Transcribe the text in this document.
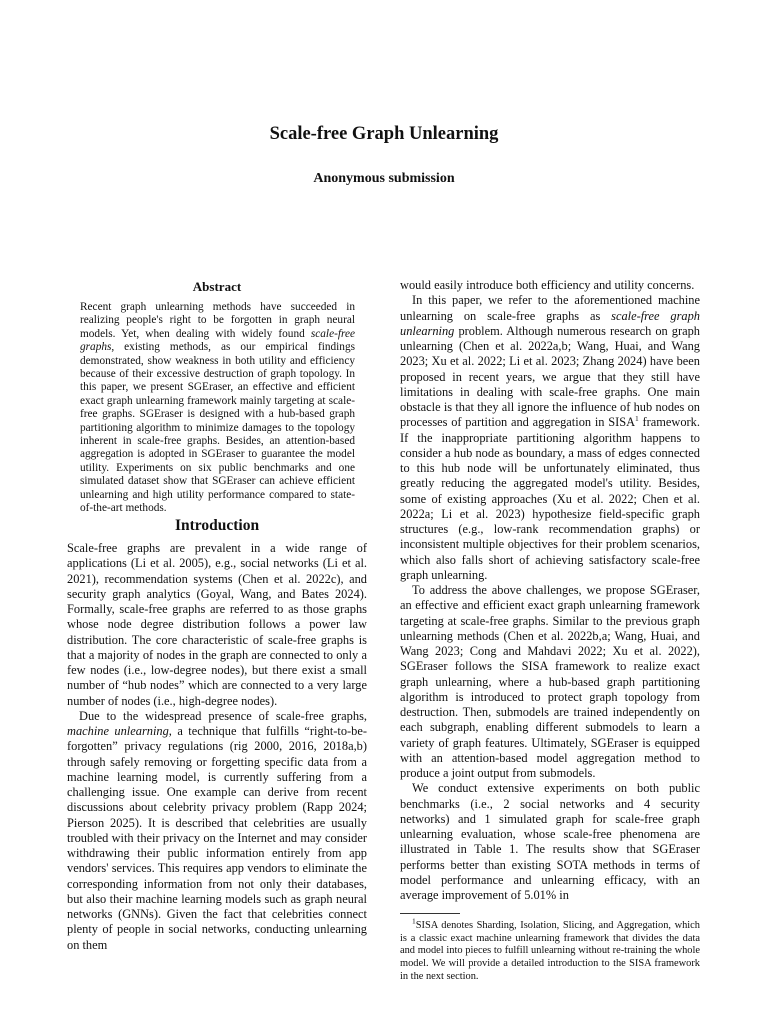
Scale-free Graph Unlearning
Anonymous submission
Abstract

Recent graph unlearning methods have succeeded in realizing people's right to be forgotten in graph neural models. Yet, when dealing with widely found scale-free graphs, existing methods, as our empirical findings demonstrated, show weakness in both utility and efficiency because of their excessive destruction of graph topology. In this paper, we present SGEraser, an effective and efficient exact graph unlearning framework mainly targeting at scale-free graphs. SGEraser is designed with a hub-based graph partitioning algorithm to minimize damages to the topology inherent in scale-free graphs. Besides, an attention-based aggregation is adopted in SGEraser to guarantee the model utility. Experiments on six public benchmarks and one simulated dataset show that SGEraser can achieve efficient unlearning and high utility performance compared to state-of-the-art methods.

Introduction

Scale-free graphs are prevalent in a wide range of applications (Li et al. 2005), e.g., social networks (Li et al. 2021), recommendation systems (Chen et al. 2022c), and security graph analytics (Goyal, Wang, and Bates 2024). Formally, scale-free graphs are referred to as those graphs whose node degree distribution follows a power law distribution. The core characteristic of scale-free graphs is that a majority of nodes in the graph are connected to only a few nodes (i.e., low-degree nodes), but there exist a small number of “hub nodes” which are connected to a very large number of nodes (i.e., high-degree nodes).

Due to the widespread presence of scale-free graphs, machine unlearning, a technique that fulfills “right-to-be-forgotten” privacy regulations (rig 2000, 2016, 2018a,b) through safely removing or forgetting specific data from a machine learning model, is currently suffering from a challenging issue. One example can derive from recent discussions about celebrity privacy problem (Rapp 2024; Pierson 2025). It is described that celebrities are usually troubled with their privacy on the Internet and may consider withdrawing their public information entirely from app vendors' services. This requires app vendors to eliminate the corresponding information from not only their databases, but also their machine learning models such as graph neural networks (GNNs). Given the fact that celebrities connect plenty of people in social networks, conducting unlearning on them

would easily introduce both efficiency and utility concerns.

In this paper, we refer to the aforementioned machine unlearning on scale-free graphs as scale-free graph unlearning problem. Although numerous research on graph unlearning (Chen et al. 2022a,b; Wang, Huai, and Wang 2023; Xu et al. 2022; Li et al. 2023; Zhang 2024) have been proposed in recent years, we argue that they still have limitations in dealing with scale-free graphs. One main obstacle is that they all ignore the influence of hub nodes on processes of partition and aggregation in SISA$^1$ framework. If the inappropriate partitioning algorithm happens to consider a hub node as boundary, a mass of edges connected to this hub node will be unfortunately eliminated, thus greatly reducing the aggregated model's utility. Besides, some of existing approaches (Xu et al. 2022; Chen et al. 2022a; Li et al. 2023) hypothesize field-specific graph structures (e.g., low-rank recommendation graphs) or inconsistent multiple objectives for their problem scenarios, which also falls short of achieving satisfactory scale-free graph unlearning.

To address the above challenges, we propose SGEraser, an effective and efficient exact graph unlearning framework targeting at scale-free graphs. Similar to the previous graph unlearning methods (Chen et al. 2022b,a; Wang, Huai, and Wang 2023; Cong and Mahdavi 2022; Xu et al. 2022), SGEraser follows the SISA framework to realize exact graph unlearning, where a hub-based graph partitioning algorithm is introduced to protect graph topology from destruction. Then, submodels are trained independently on each subgraph, enabling different submodels to learn a variety of graph features. Ultimately, SGEraser is equipped with an attention-based model aggregation method to produce a joint output from submodels.

We conduct extensive experiments on both public benchmarks (i.e., 2 social networks and 4 security networks) and 1 simulated graph for scale-free graph unlearning evaluation, whose scale-free phenomena are illustrated in Table 1. The results show that SGEraser performs better than existing SOTA methods in terms of model performance and unlearning efficacy, with an average improvement of 5.01% in

$^1$SISA denotes Sharding, Isolation, Slicing, and Aggregation, which is a classic exact machine unlearning framework that divides the data and model into pieces to fulfill unlearning without re-training the whole model. We will provide a detailed introduction to the SISA framework in the next section.
